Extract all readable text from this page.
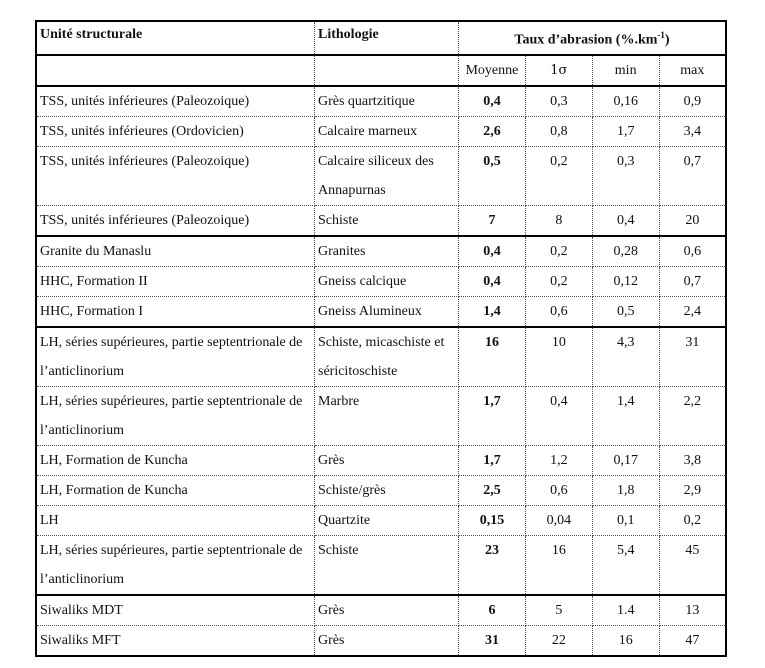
Unité structurale	Lithologie	Taux d’abrasion $(\%.km^{-1})$			
		Moyenne	1σ	min	max
TSS, unités inférieures (Paleozoique)	Grès quartzitique	0,4	0,3	0,16	0,9
TSS, unités inférieures (Ordovicien)	Calcaire marneux	2,6	0,8	1,7	3,4
TSS, unités inférieures (Paleozoique)	Calcaire siliceux des Annapurnas	0,5	0,2	0,3	0,7
TSS, unités inférieures (Paleozoique)	Schiste	7	8	0,4	20
Granite du Manaslu	Granites	0,4	0,2	0,28	0,6
HHC, Formation II	Gneiss calcique	0,4	0,2	0,12	0,7
HHC, Formation I	Gneiss Alumineux	1,4	0,6	0,5	2,4
LH, séries supérieures, partie septentrionale de l’anticlinorium	Schiste, micaschiste et séricitoschiste	16	10	4,3	31
LH, séries supérieures, partie septentrionale de l’anticlinorium	Marbre	1,7	0,4	1,4	2,2
LH, Formation de Kuncha	Grès	1,7	1,2	0,17	3,8
LH, Formation de Kuncha	Schiste/grès	2,5	0,6	1,8	2,9
LH	Quartzite	0,15	0,04	0,1	0,2
LH, séries supérieures, partie septentrionale de l’anticlinorium	Schiste	23	16	5,4	45
Siwaliks MDT	Grès	6	5	1.4	13
Siwaliks MFT	Grès	31	22	16	47
